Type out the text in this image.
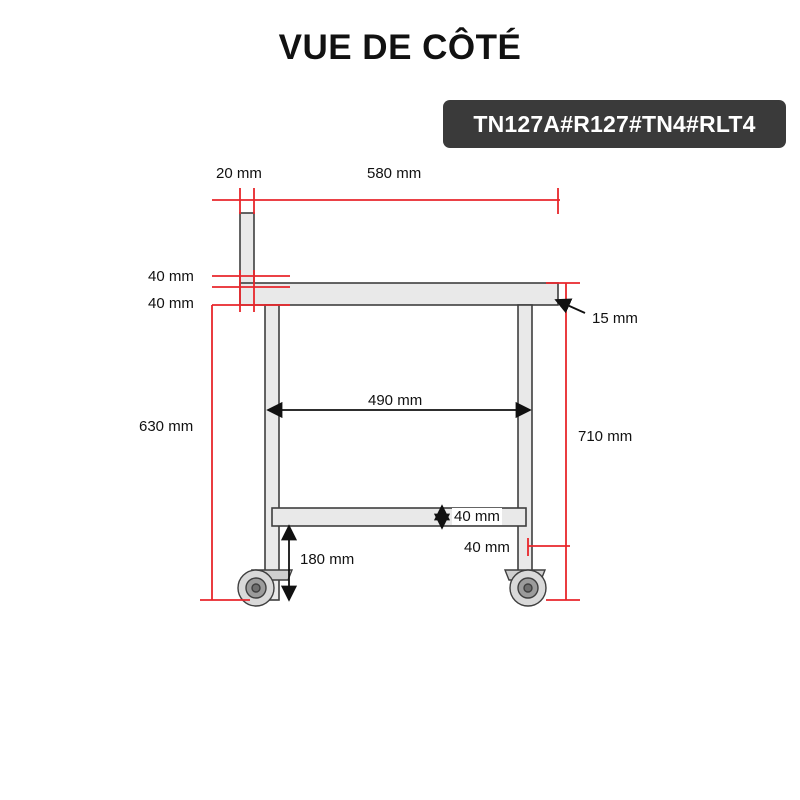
VUE DE CÔTÉ
TN127A#R127#TN4#RLT4
20 mm	580 mm
40 mm
40 mm
15 mm
490 mm
630 mm
710 mm
40 mm
40 mm
180 mm
